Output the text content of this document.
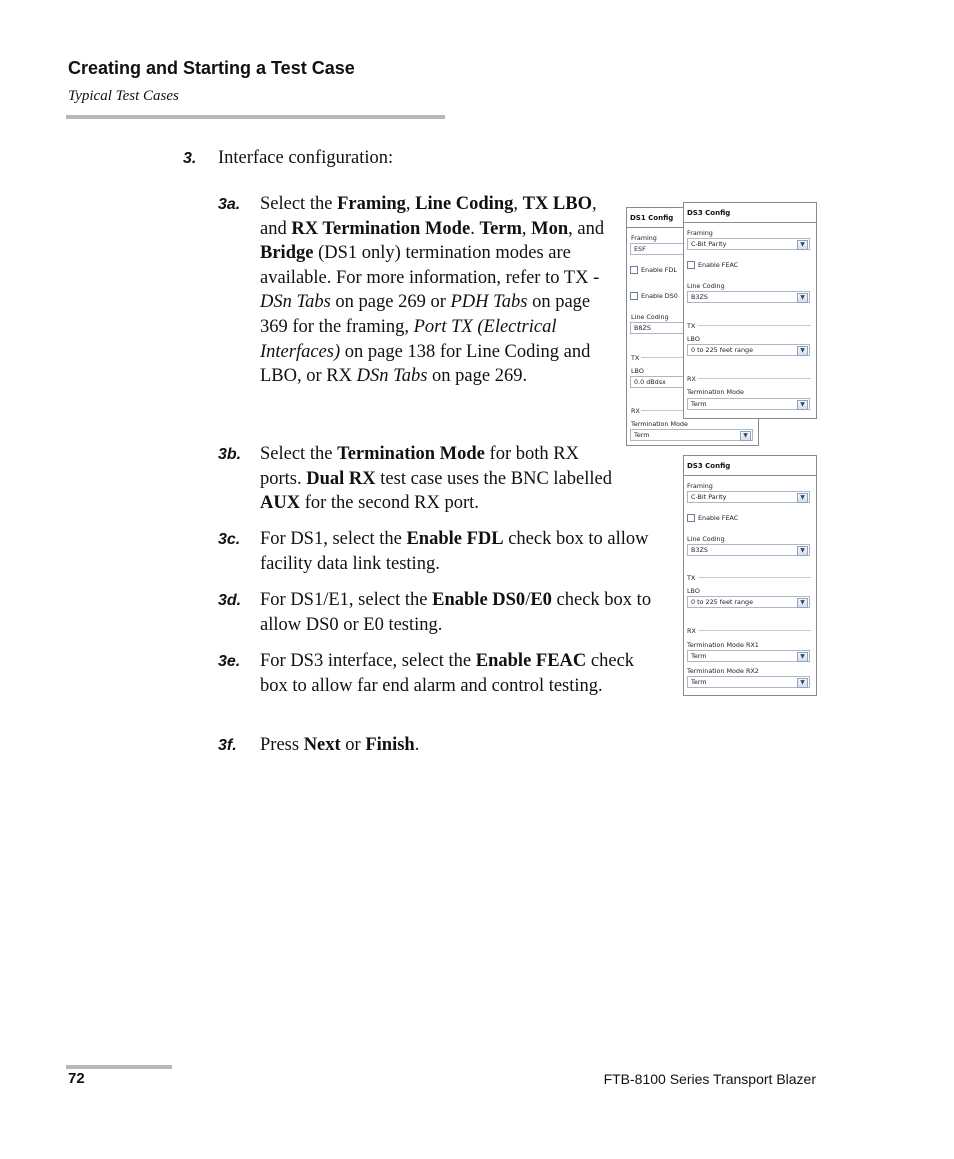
Creating and Starting a Test Case
Typical Test Cases
3. Interface configuration:
3a. Select the Framing, Line Coding, TX LBO, and RX Termination Mode. Term, Mon, and Bridge (DS1 only) termination modes are available. For more information, refer to TX - DSn Tabs on page 269 or PDH Tabs on page 369 for the framing, Port TX (Electrical Interfaces) on page 138 for Line Coding and LBO, or RX DSn Tabs on page 269.
3b. Select the Termination Mode for both RX ports. Dual RX test case uses the BNC labelled AUX for the second RX port.
3c. For DS1, select the Enable FDL check box to allow facility data link testing.
3d. For DS1/E1, select the Enable DS0/E0 check box to allow DS0 or E0 testing.
3e. For DS3 interface, select the Enable FEAC check box to allow far end alarm and control testing.
3f. Press Next or Finish.
DS1 Config
Framing
ESF
Enable FDL
Enable DS0
Line Coding
B8ZS
TX
LBO
0.0 dBdsx
RX
Termination Mode
Term	▼
DS3 Config
Framing
C-Bit Parity	▼
Enable FEAC
Line Coding
B3ZS	▼
TX
LBO
0 to 225 feet range	▼
RX
Termination Mode
Term	▼
DS3 Config
Framing
C-Bit Parity	▼
Enable FEAC
Line Coding
B3ZS	▼
TX
LBO
0 to 225 feet range	▼
RX
Termination Mode RX1
Term	▼
Termination Mode RX2
Term	▼
72	FTB-8100 Series Transport Blazer
